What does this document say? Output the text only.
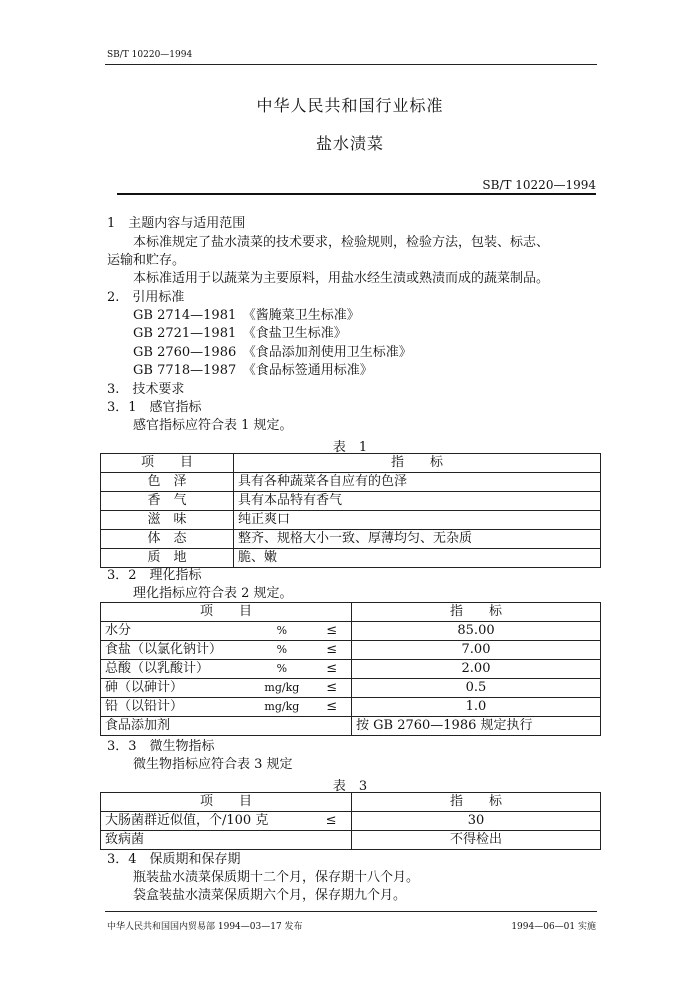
SB/T 10220—1994
中华人民共和国行业标准
盐水渍菜
SB/T 10220—1994
1　主题内容与适用范围
本标准规定了盐水渍菜的技术要求，检验规则，检验方法，包装、标志、
运输和贮存。
本标准适用于以蔬菜为主要原料，用盐水经生渍或熟渍而成的蔬菜制品。
2.　引用标准
GB 2714—1981　《酱腌菜卫生标准》
GB 2721—1981　《食盐卫生标准》
GB 2760—1986　《食品添加剂使用卫生标准》
GB 7718—1987　《食品标签通用标准》
3.　技术要求
3．1　感官指标
感官指标应符合表 1 规定。
表　1
项　　目	指　　标
色　泽	具有各种蔬菜各自应有的色泽
香　气	具有本品特有香气
滋　味	纯正爽口
体　态	整齐、规格大小一致、厚薄均匀、无杂质
质　地	脆、嫩
3．2　理化指标
理化指标应符合表 2 规定。
项　　目			指　　标
水分	%	≤	85.00
食盐（以氯化钠计）	%	≤	7.00
总酸（以乳酸计）	%	≤	2.00
砷（以砷计）	mg/kg	≤	0.5
铅（以铅计）	mg/kg	≤	1.0
食品添加剂			按 GB 2760—1986 规定执行
3．3　微生物指标
微生物指标应符合表 3 规定
表　3
项　　目		指　　标
大肠菌群近似值，个/100 克	≤	30
致病菌		不得检出
3．4　保质期和保存期
瓶装盐水渍菜保质期十二个月，保存期十八个月。
袋盒装盐水渍菜保质期六个月，保存期九个月。
中华人民共和国国内贸易部 1994—03—17 发布	1994—06—01 实施
